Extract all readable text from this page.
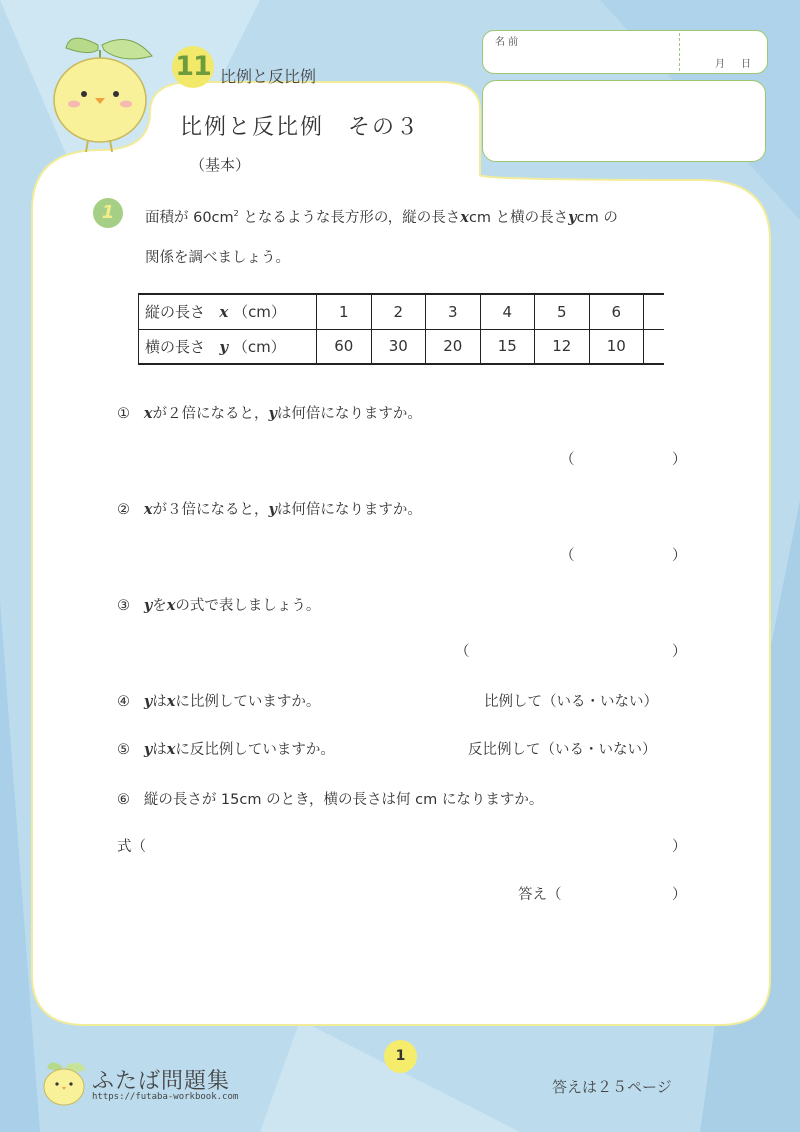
11 比例と反比例
比例と反比例　その３
（基本）
名 前
月 日
1	面積が $60cm^2$ となるような長方形の，縦の長さxcm と横の長さycm の
関係を調べましょう。
縦の長さ x （cm）	1	2	3	4	5	6	
横の長さ y （cm）	60	30	20	15	12	10	
① xが２倍になると，yは何倍になりますか。
（	）
② xが３倍になると，yは何倍になりますか。
（	）
③ yをxの式で表しましょう。
（	）
④ yはxに比例していますか。	比例して（いる・いない）
⑤ yはxに反比例していますか。	反比例して（いる・いない）
⑥ 縦の長さが 15cm のとき，横の長さは何 cm になりますか。
式（	）
答え（	）
1
ふたば問題集
https://futaba-workbook.com
答えは２５ページ
